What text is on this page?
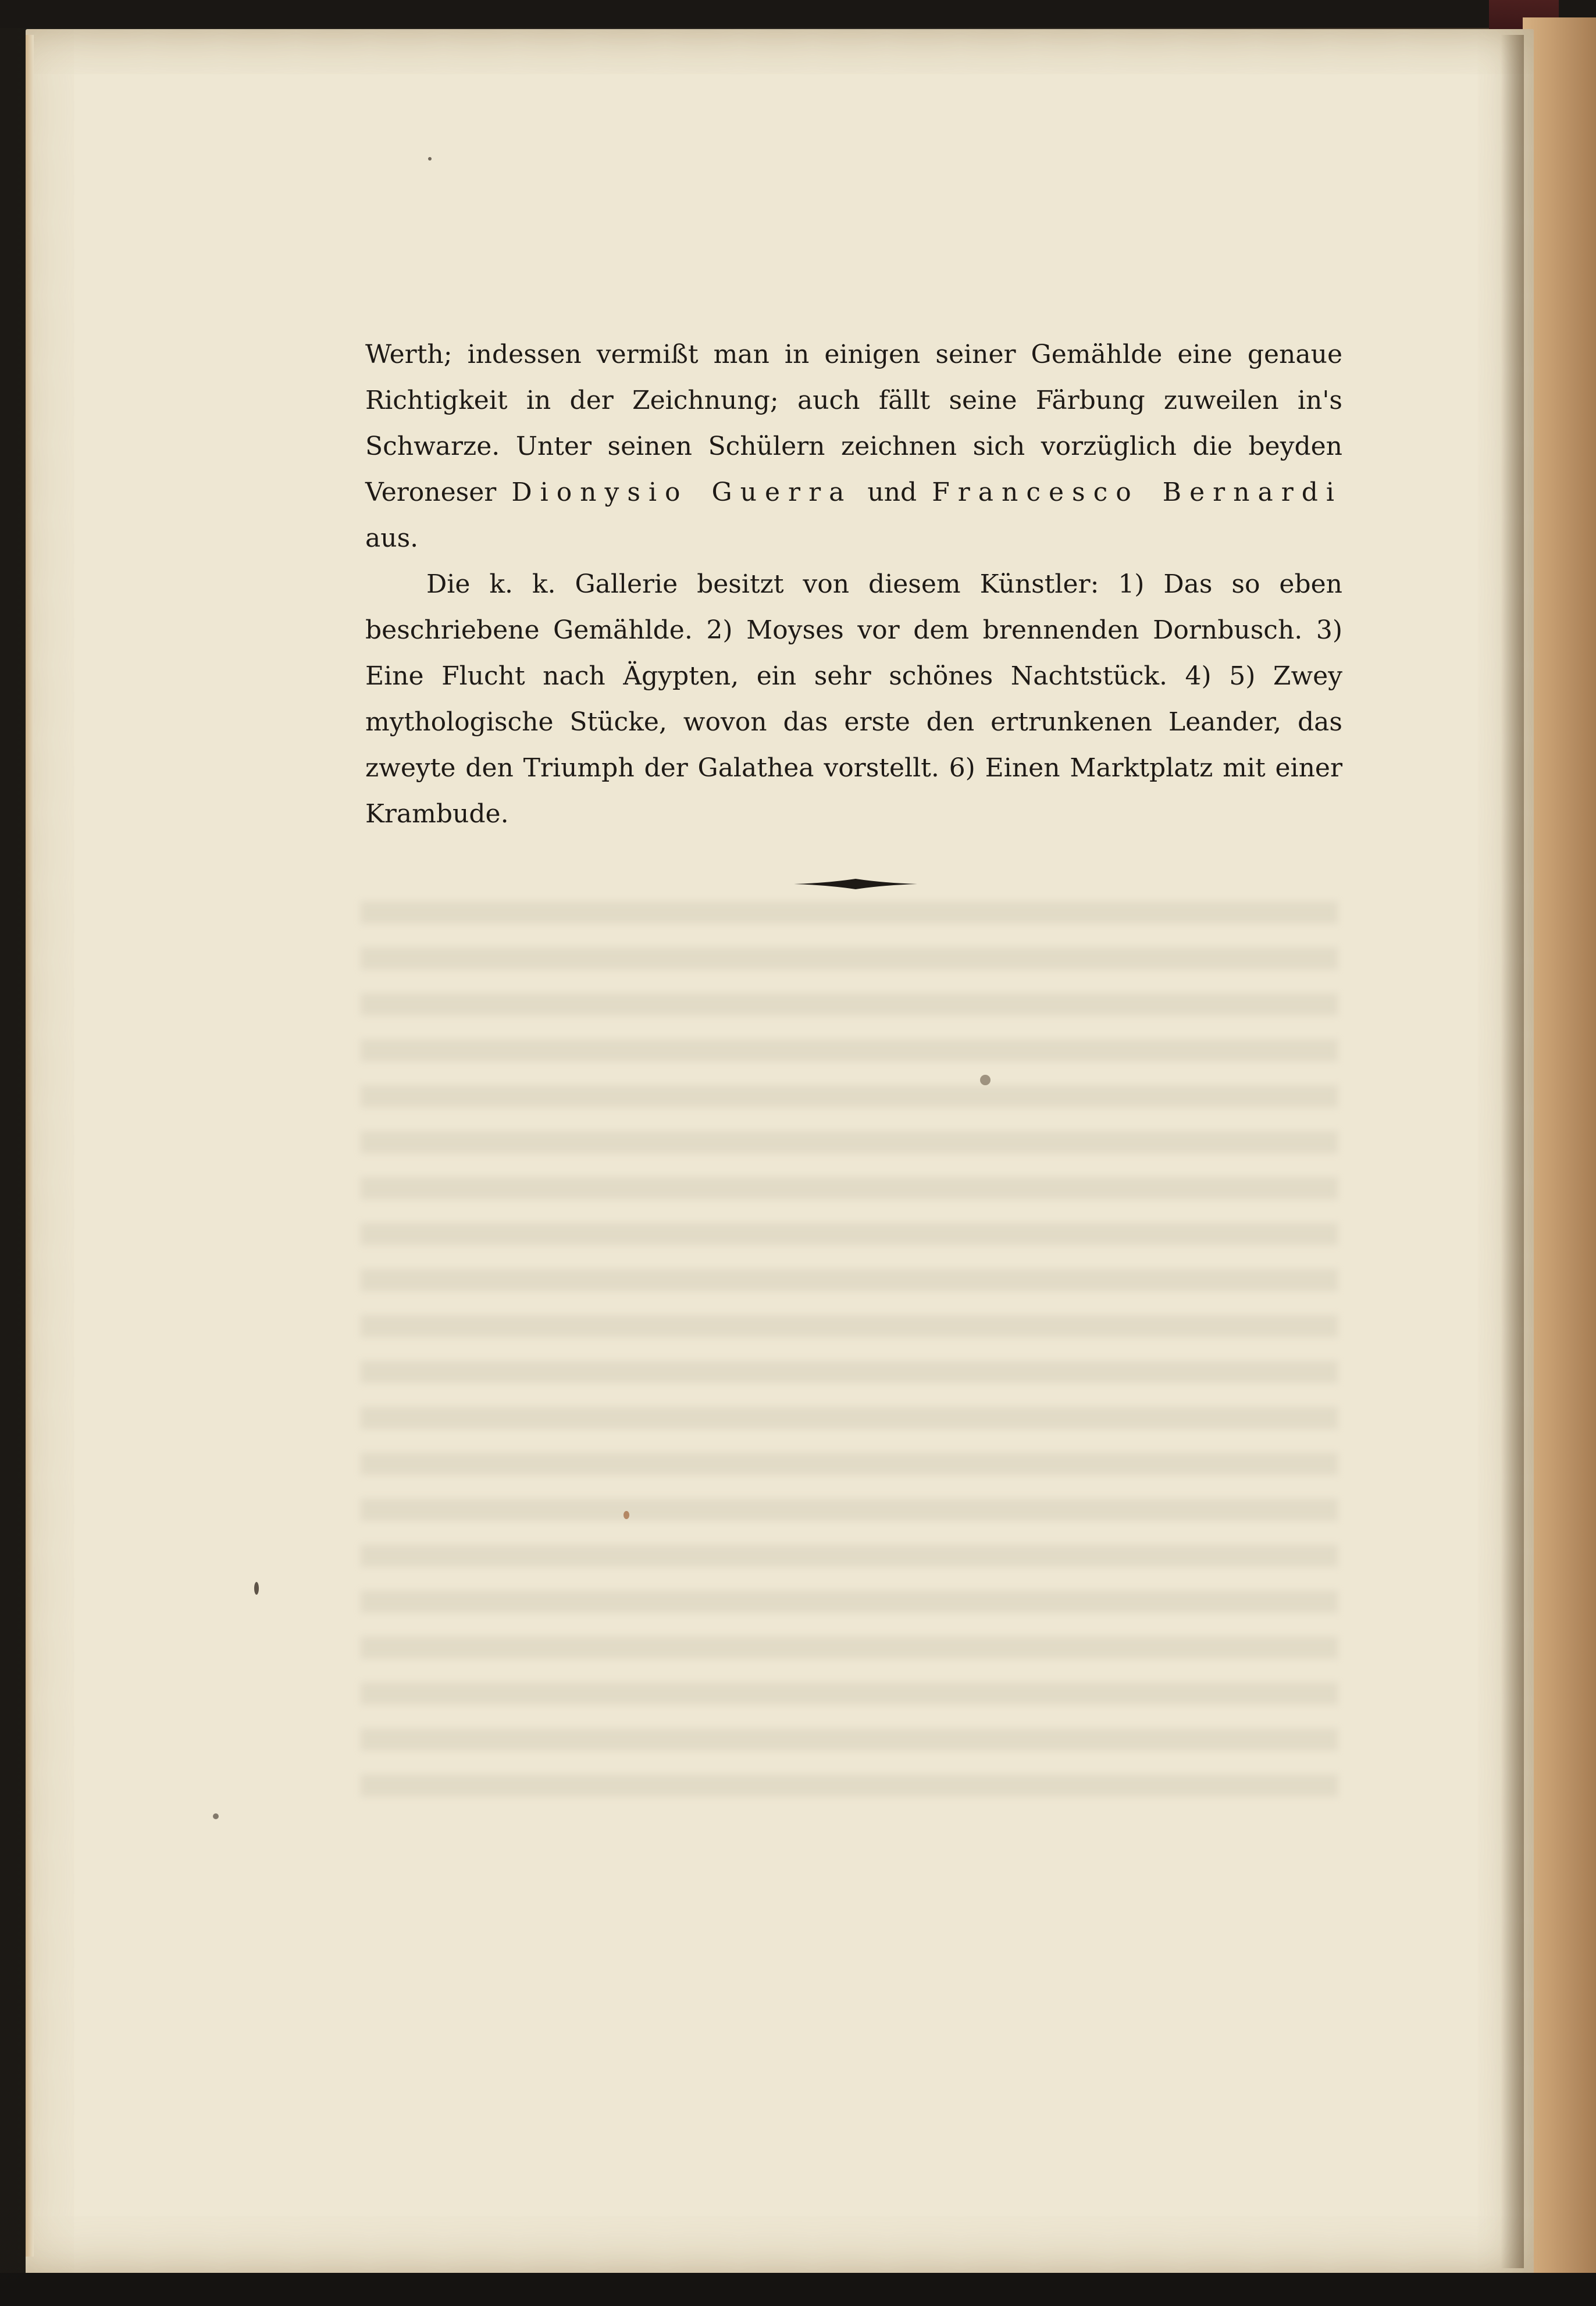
Werth; indessen vermißt man in einigen seiner Gemählde eine genaue Richtigkeit in der Zeichnung; auch fällt seine Färbung zuweilen in's Schwarze. Unter seinen Schülern zeichnen sich vorzüglich die beyden Veroneser Dionysio Guerra und Francesco Bernardi aus.

Die k. k. Gallerie besitzt von diesem Künstler: 1) Das so eben beschriebene Gemählde. 2) Moyses vor dem brennenden Dornbusch. 3) Eine Flucht nach Ägypten, ein sehr schönes Nachtstück. 4) 5) Zwey mythologische Stücke, wovon das erste den ertrunkenen Leander, das zweyte den Triumph der Galathea vorstellt. 6) Einen Marktplatz mit einer Krambude.
